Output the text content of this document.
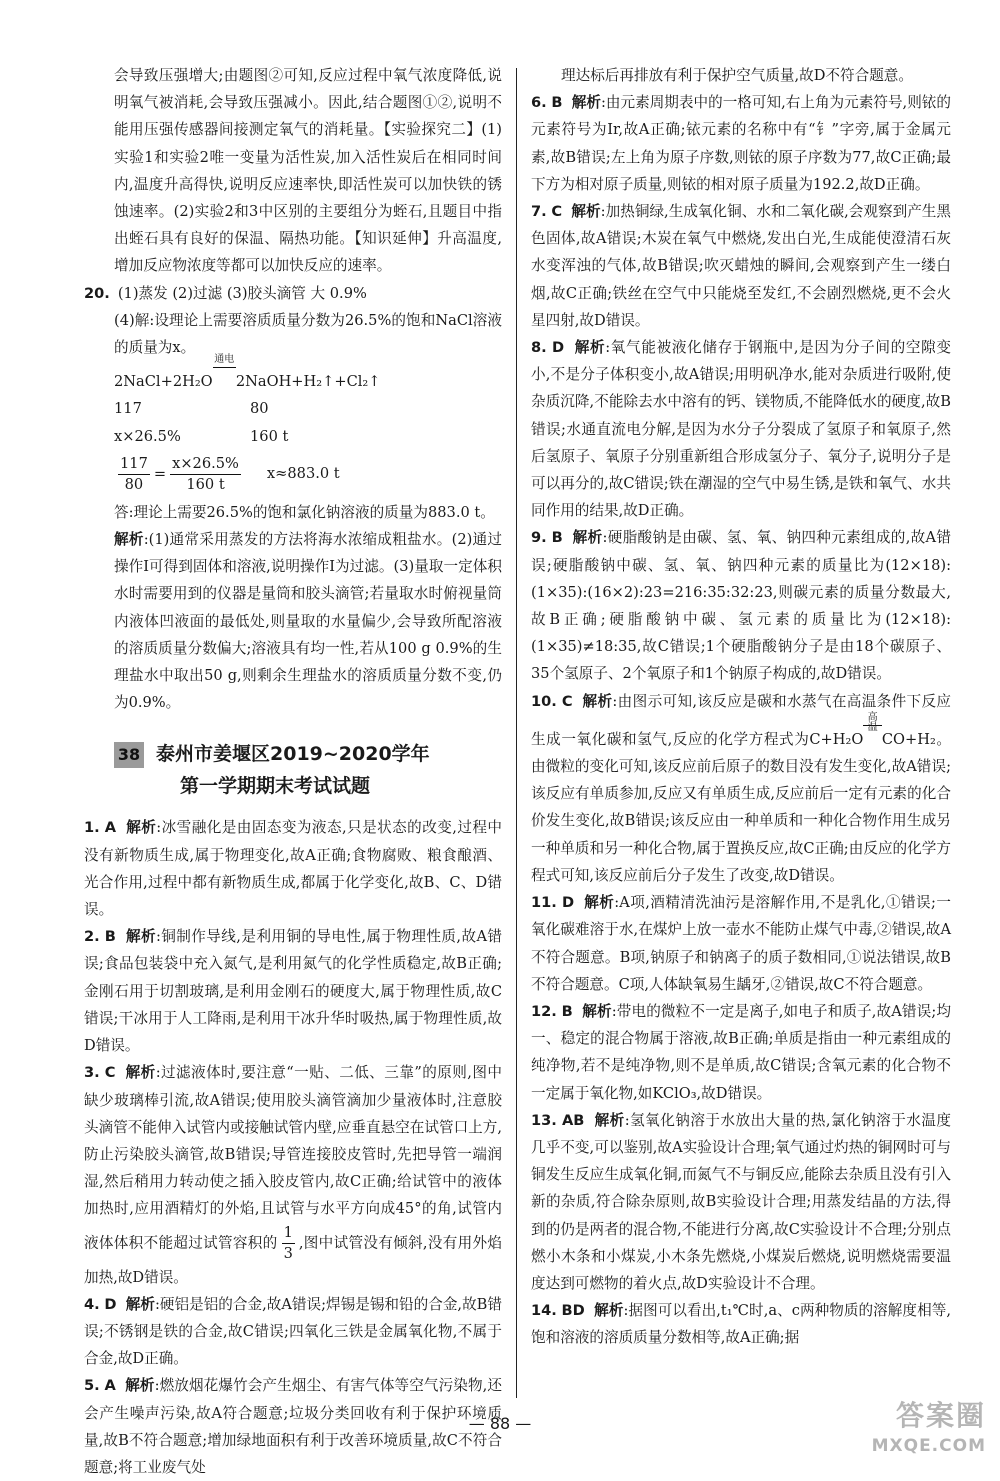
会导致压强增大;由题图②可知,反应过程中氧气浓度降低,说明氧气被消耗,会导致压强减小。因此,结合题图①②,说明不能用压强传感器间接测定氧气的消耗量。【实验探究二】(1)实验1和实验2唯一变量为活性炭,加入活性炭后在相同时间内,温度升高得快,说明反应速率快,即活性炭可以加快铁的锈蚀速率。(2)实验2和3中区别的主要组分为蛭石,且题目中指出蛭石具有良好的保温、隔热功能。【知识延伸】升高温度,增加反应物浓度等都可以加快反应的速率。

20. (1)蒸发 (2)过滤 (3)胶头滴管 大 0.9%

(4)解:设理论上需要溶质质量分数为26.5%的饱和NaCl溶液的质量为x。

2NaCl+2H₂O
通电
2NaOH+H₂↑+Cl₂↑
117	80
x×26.5%	160 t
$\frac{117}{80} = \frac{x\times 26.5\%}{160 t} x\approx 883.0$ t

答:理论上需要26.5%的饱和氯化钠溶液的质量为883.0 t。

解析:(1)通常采用蒸发的方法将海水浓缩成粗盐水。(2)通过操作Ⅰ可得到固体和溶液,说明操作Ⅰ为过滤。(3)量取一定体积水时需要用到的仪器是量筒和胶头滴管;若量取水时俯视量筒内液体凹液面的最低处,则量取的水量偏少,会导致所配溶液的溶质质量分数偏大;溶液具有均一性,若从100 g 0.9%的生理盐水中取出50 g,则剩余生理盐水的溶质质量分数不变,仍为0.9%。

38 泰州市姜堰区2019~2020学年
第一学期期末考试试题

1. A 解析:冰雪融化是由固态变为液态,只是状态的改变,过程中没有新物质生成,属于物理变化,故A正确;食物腐败、粮食酿酒、光合作用,过程中都有新物质生成,都属于化学变化,故B、C、D错误。

2. B 解析:铜制作导线,是利用铜的导电性,属于物理性质,故A错误;食品包装袋中充入氮气,是利用氮气的化学性质稳定,故B正确;金刚石用于切割玻璃,是利用金刚石的硬度大,属于物理性质,故C错误;干冰用于人工降雨,是利用干冰升华时吸热,属于物理性质,故D错误。

3. C 解析:过滤液体时,要注意“一贴、二低、三靠”的原则,图中缺少玻璃棒引流,故A错误;使用胶头滴管滴加少量液体时,注意胶头滴管不能伸入试管内或接触试管内壁,应垂直悬空在试管口上方,防止污染胶头滴管,故B错误;导管连接胶皮管时,先把导管一端润湿,然后稍用力转动使之插入胶皮管内,故C正确;给试管中的液体加热时,应用酒精灯的外焰,且试管与水平方向成45°的角,试管内液体体积不能超过试管容积的 $\frac{1}{3}$ ,图中试管没有倾斜,没有用外焰加热,故D错误。

4. D 解析:硬铝是铝的合金,故A错误;焊锡是锡和铅的合金,故B错误;不锈钢是铁的合金,故C错误;四氧化三铁是金属氧化物,不属于合金,故D正确。

5. A 解析:燃放烟花爆竹会产生烟尘、有害气体等空气污染物,还会产生噪声污染,故A符合题意;垃圾分类回收有利于保护环境质量,故B不符合题意;增加绿地面积有利于改善环境质量,故C不符合题意;将工业废气处

理达标后再排放有利于保护空气质量,故D不符合题意。

6. B 解析:由元素周期表中的一格可知,右上角为元素符号,则铱的元素符号为Ir,故A正确;铱元素的名称中有“钅”字旁,属于金属元素,故B错误;左上角为原子序数,则铱的原子序数为77,故C正确;最下方为相对原子质量,则铱的相对原子质量为192.2,故D正确。

7. C 解析:加热铜绿,生成氧化铜、水和二氧化碳,会观察到产生黑色固体,故A错误;木炭在氧气中燃烧,发出白光,生成能使澄清石灰水变浑浊的气体,故B错误;吹灭蜡烛的瞬间,会观察到产生一缕白烟,故C正确;铁丝在空气中只能烧至发红,不会剧烈燃烧,更不会火星四射,故D错误。

8. D 解析:氧气能被液化储存于钢瓶中,是因为分子间的空隙变小,不是分子体积变小,故A错误;用明矾净水,能对杂质进行吸附,使杂质沉降,不能除去水中溶有的钙、镁物质,不能降低水的硬度,故B错误;水通直流电分解,是因为水分子分裂成了氢原子和氧原子,然后氢原子、氧原子分别重新组合形成氢分子、氧分子,说明分子是可以再分的,故C错误;铁在潮湿的空气中易生锈,是铁和氧气、水共同作用的结果,故D正确。

9. B 解析:硬脂酸钠是由碳、氢、氧、钠四种元素组成的,故A错误;硬脂酸钠中碳、氢、氧、钠四种元素的质量比为(12×18):(1×35):(16×2):23=216:35:32:23,则碳元素的质量分数最大,故B正确;硬脂酸钠中碳、氢元素的质量比为(12×18):(1×35)≠18:35,故C错误;1个硬脂酸钠分子是由18个碳原子、35个氢原子、2个氧原子和1个钠原子构成的,故D错误。

10. C 解析:由图示可知,该反应是碳和水蒸气在高温条件下反应生成一氧化碳和氢气,反应的化学方程式为C+H₂O
高温
CO+H₂。由微粒的变化可知,该反应前后原子的数目没有发生变化,故A错误;该反应有单质参加,反应又有单质生成,反应前后一定有元素的化合价发生变化,故B错误;该反应由一种单质和一种化合物作用生成另一种单质和另一种化合物,属于置换反应,故C正确;由反应的化学方程式可知,该反应前后分子发生了改变,故D错误。

11. D 解析:A项,酒精清洗油污是溶解作用,不是乳化,①错误;一氧化碳难溶于水,在煤炉上放一壶水不能防止煤气中毒,②错误,故A不符合题意。B项,钠原子和钠离子的质子数相同,①说法错误,故B不符合题意。C项,人体缺氧易生龋牙,②错误,故C不符合题意。

12. B 解析:带电的微粒不一定是离子,如电子和质子,故A错误;均一、稳定的混合物属于溶液,故B正确;单质是指由一种元素组成的纯净物,若不是纯净物,则不是单质,故C错误;含氧元素的化合物不一定属于氧化物,如KClO₃,故D错误。

13. AB 解析:氢氧化钠溶于水放出大量的热,氯化钠溶于水温度几乎不变,可以鉴别,故A实验设计合理;氧气通过灼热的铜网时可与铜发生反应生成氧化铜,而氮气不与铜反应,能除去杂质且没有引入新的杂质,符合除杂原则,故B实验设计合理;用蒸发结晶的方法,得到的仍是两者的混合物,不能进行分离,故C实验设计不合理;分别点燃小木条和小煤炭,小木条先燃烧,小煤炭后燃烧,说明燃烧需要温度达到可燃物的着火点,故D实验设计不合理。

14. BD 解析:据图可以看出,t₁℃时,a、c两种物质的溶解度相等,饱和溶液的溶质质量分数相等,故A正确;据

— 88 —	答案圈
MXQE.COM
